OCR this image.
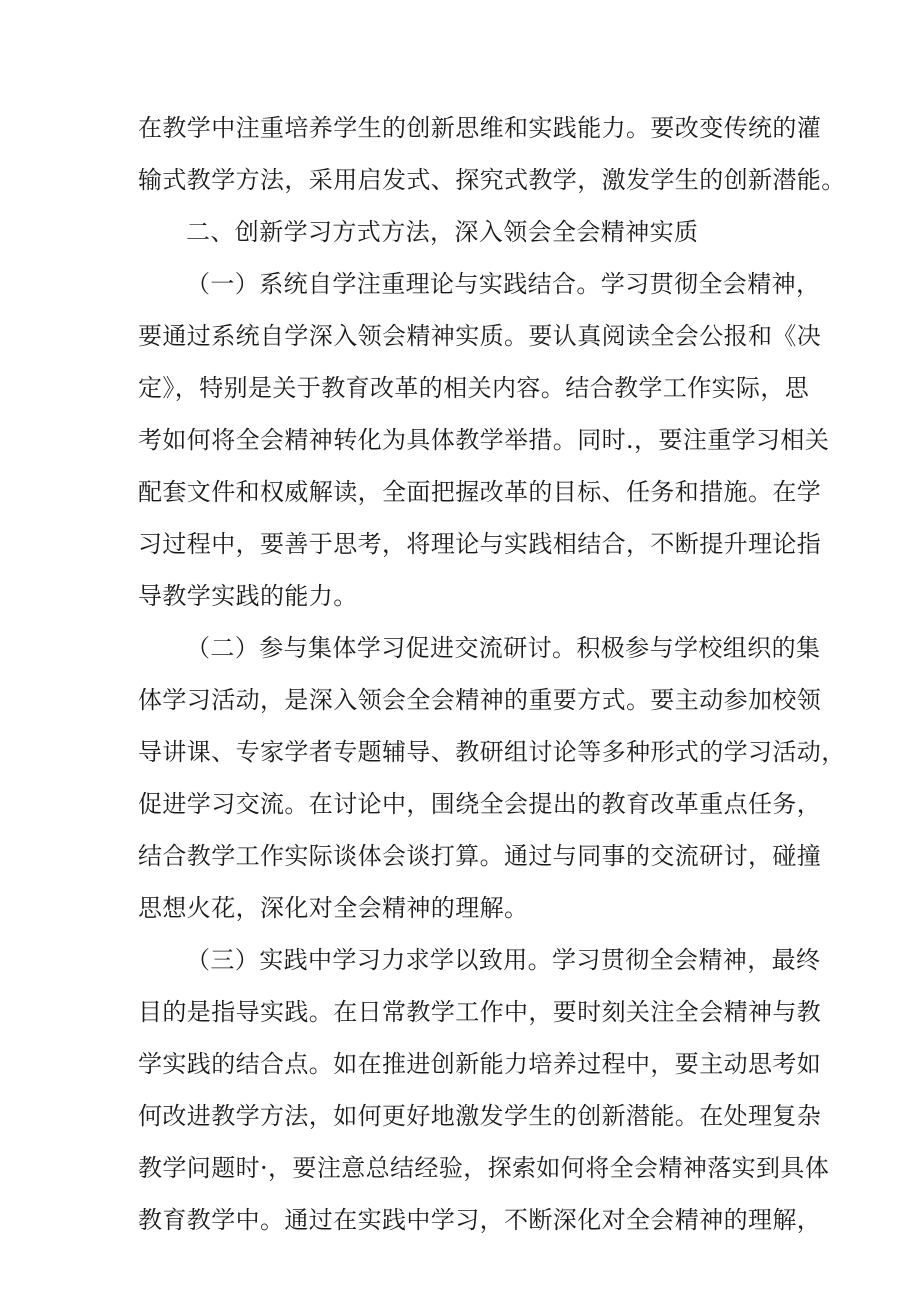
在教学中注重培养学生的创新思维和实践能力。要改变传统的灌
输式教学方法，采用启发式、探究式教学，激发学生的创新潜能。
二、创新学习方式方法，深入领会全会精神实质
（一）系统自学注重理论与实践结合。学习贯彻全会精神，
要通过系统自学深入领会精神实质。要认真阅读全会公报和《决
定》，特别是关于教育改革的相关内容。结合教学工作实际，思
考如何将全会精神转化为具体教学举措。同时.，要注重学习相关
配套文件和权威解读，全面把握改革的目标、任务和措施。在学
习过程中，要善于思考，将理论与实践相结合，不断提升理论指
导教学实践的能力。
（二）参与集体学习促进交流研讨。积极参与学校组织的集
体学习活动，是深入领会全会精神的重要方式。要主动参加校领
导讲课、专家学者专题辅导、教研组讨论等多种形式的学习活动，
促进学习交流。在讨论中，围绕全会提出的教育改革重点任务，
结合教学工作实际谈体会谈打算。通过与同事的交流研讨，碰撞
思想火花，深化对全会精神的理解。
（三）实践中学习力求学以致用。学习贯彻全会精神，最终
目的是指导实践。在日常教学工作中，要时刻关注全会精神与教
学实践的结合点。如在推进创新能力培养过程中，要主动思考如
何改进教学方法，如何更好地激发学生的创新潜能。在处理复杂
教学问题时·，要注意总结经验，探索如何将全会精神落实到具体
教育教学中。通过在实践中学习，不断深化对全会精神的理解，
